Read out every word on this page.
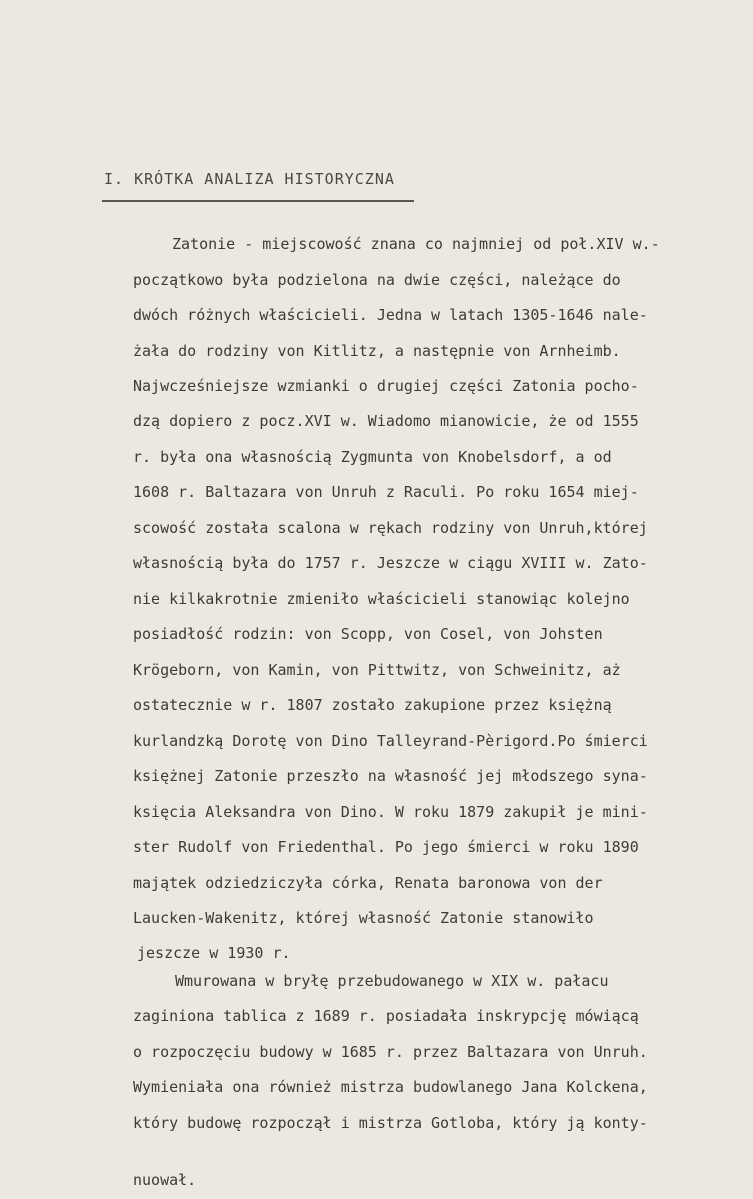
I. KRÓTKA ANALIZA HISTORYCZNA
Zatonie - miejscowość znana co najmniej od poł.XIV w.-
początkowo była podzielona na dwie części, należące do
dwóch różnych właścicieli. Jedna w latach 1305-1646 nale-
żała do rodziny von Kitlitz, a następnie von Arnheimb.
Najwcześniejsze wzmianki o drugiej części Zatonia pocho-
dzą dopiero z pocz.XVI w. Wiadomo mianowicie, że od 1555
r. była ona własnością Zygmunta von Knobelsdorf, a od
1608 r. Baltazara von Unruh z Raculi. Po roku 1654 miej-
scowość została scalona w rękach rodziny von Unruh,której
własnością była do 1757 r. Jeszcze w ciągu XVIII w. Zato-
nie kilkakrotnie zmieniło właścicieli stanowiąc kolejno
posiadłość rodzin: von Scopp, von Cosel, von Johsten
Krögeborn, von Kamin, von Pittwitz, von Schweinitz, aż
ostatecznie w r. 1807 zostało zakupione przez księżną
kurlandzką Dorotę von Dino Talleyrand-Pèrigord.Po śmierci
księżnej Zatonie przeszło na własność jej młodszego syna-
księcia Aleksandra von Dino. W roku 1879 zakupił je mini-
ster Rudolf von Friedenthal. Po jego śmierci w roku 1890
majątek odziedziczyła córka, Renata baronowa von der
Laucken-Wakenitz, której własność Zatonie stanowiło
jeszcze w 1930 r.
Wmurowana w bryłę przebudowanego w XIX w. pałacu
zaginiona tablica z 1689 r. posiadała inskrypcję mówiącą
o rozpoczęciu budowy w 1685 r. przez Baltazara von Unruh.
Wymieniała ona również mistrza budowlanego Jana Kolckena,
który budowę rozpoczął i mistrza Gotloba, który ją konty-
nuował.
